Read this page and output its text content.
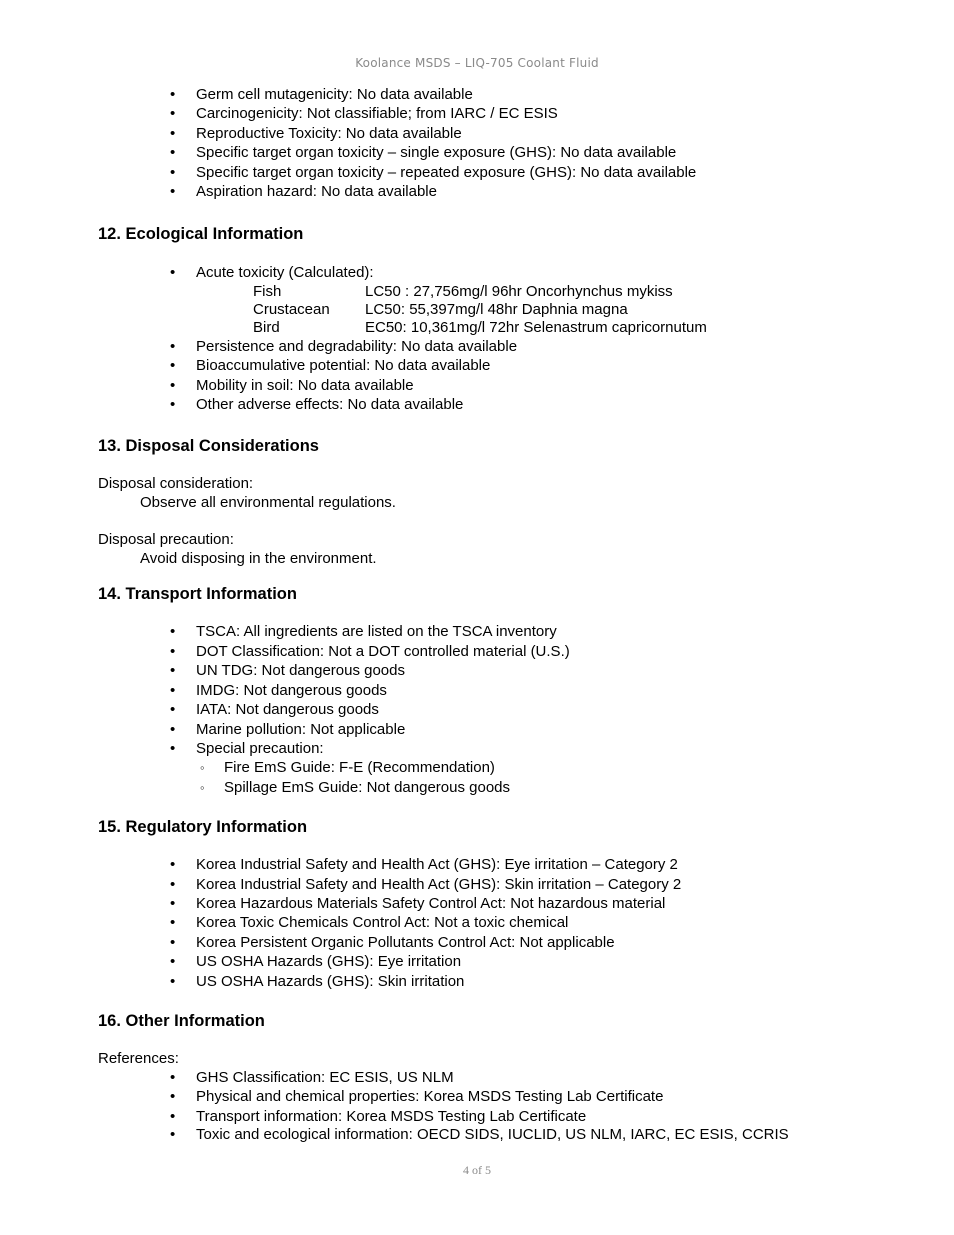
Koolance MSDS – LIQ-705 Coolant Fluid
• Germ cell mutagenicity: No data available
• Carcinogenicity: Not classifiable; from IARC / EC ESIS
• Reproductive Toxicity: No data available
• Specific target organ toxicity – single exposure (GHS): No data available
• Specific target organ toxicity – repeated exposure (GHS): No data available
• Aspiration hazard: No data available
12. Ecological Information
• Acute toxicity (Calculated):
Fish	LC50 : 27,756mg/l 96hr Oncorhynchus mykiss
Crustacean	LC50: 55,397mg/l 48hr Daphnia magna
Bird	EC50: 10,361mg/l 72hr Selenastrum capricornutum
• Persistence and degradability: No data available
• Bioaccumulative potential: No data available
• Mobility in soil: No data available
• Other adverse effects: No data available
13. Disposal Considerations
Disposal consideration:
Observe all environmental regulations.
Disposal precaution:
Avoid disposing in the environment.
14. Transport Information
• TSCA: All ingredients are listed on the TSCA inventory
• DOT Classification: Not a DOT controlled material (U.S.)
• UN TDG: Not dangerous goods
• IMDG: Not dangerous goods
• IATA: Not dangerous goods
• Marine pollution: Not applicable
• Special precaution:
◦ Fire EmS Guide: F-E (Recommendation)
◦ Spillage EmS Guide: Not dangerous goods
15. Regulatory Information
• Korea Industrial Safety and Health Act (GHS): Eye irritation – Category 2
• Korea Industrial Safety and Health Act (GHS): Skin irritation – Category 2
• Korea Hazardous Materials Safety Control Act: Not hazardous material
• Korea Toxic Chemicals Control Act: Not a toxic chemical
• Korea Persistent Organic Pollutants Control Act: Not applicable
• US OSHA Hazards (GHS): Eye irritation
• US OSHA Hazards (GHS): Skin irritation
16. Other Information
References:
• GHS Classification: EC ESIS, US NLM
• Physical and chemical properties: Korea MSDS Testing Lab Certificate
• Transport information: Korea MSDS Testing Lab Certificate
• Toxic and ecological information: OECD SIDS, IUCLID, US NLM, IARC, EC ESIS, CCRIS
4 of 5
